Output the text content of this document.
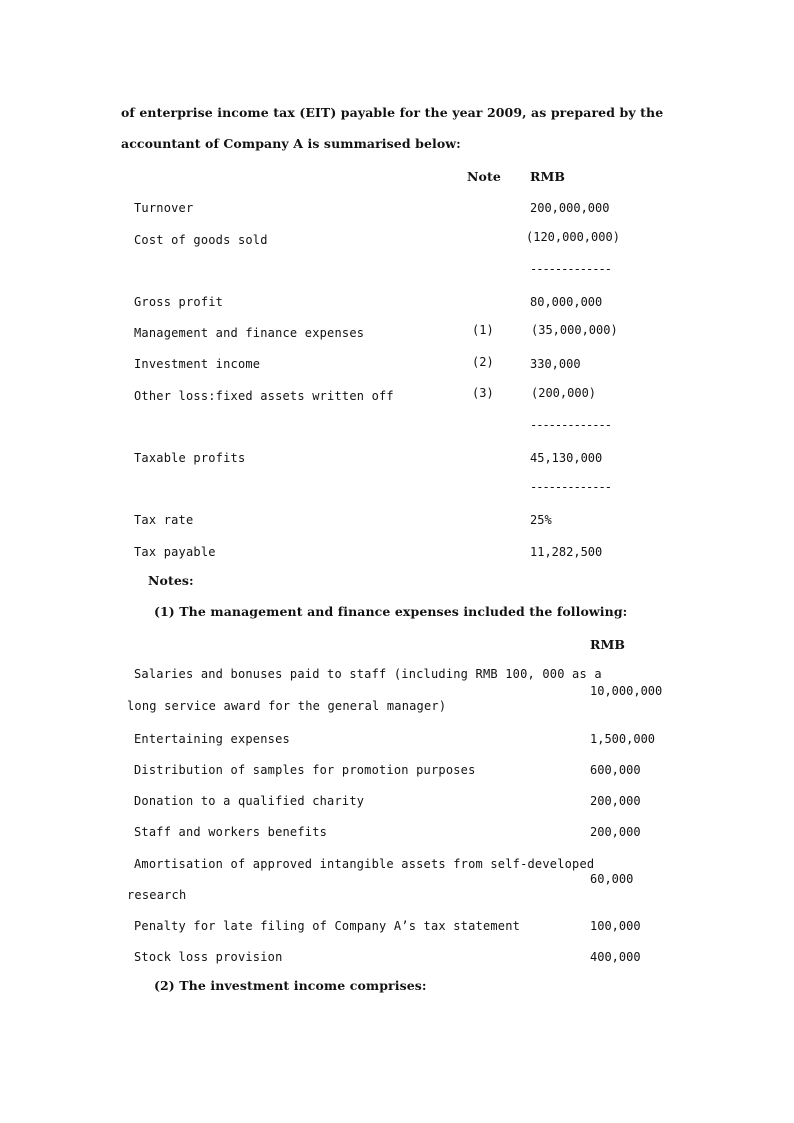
of enterprise income tax (EIT) payable for the year 2009, as prepared by the
accountant of Company A is summarised below:
Note RMB
Turnover	200,000,000
Cost of goods sold	(120,000,000)
-------------
Gross profit	80,000,000
Management and finance expenses	(1)	(35,000,000)
Investment income	(2)	330,000
Other loss:fixed assets written off	(3)	(200,000)
-------------
Taxable profits	45,130,000
-------------
Tax rate	25%
Tax payable	11,282,500
Notes:
(1) The management and finance expenses included the following:
RMB
Salaries and bonuses paid to staff (including RMB 100, 000 as a
long service award for the general manager)
10,000,000
Entertaining expenses	1,500,000
Distribution of samples for promotion purposes	600,000
Donation to a qualified charity	200,000
Staff and workers benefits	200,000
Amortisation of approved intangible assets from self-developed
research
60,000
Penalty for late filing of Company A’s tax statement	100,000
Stock loss provision	400,000
(2) The investment income comprises:
